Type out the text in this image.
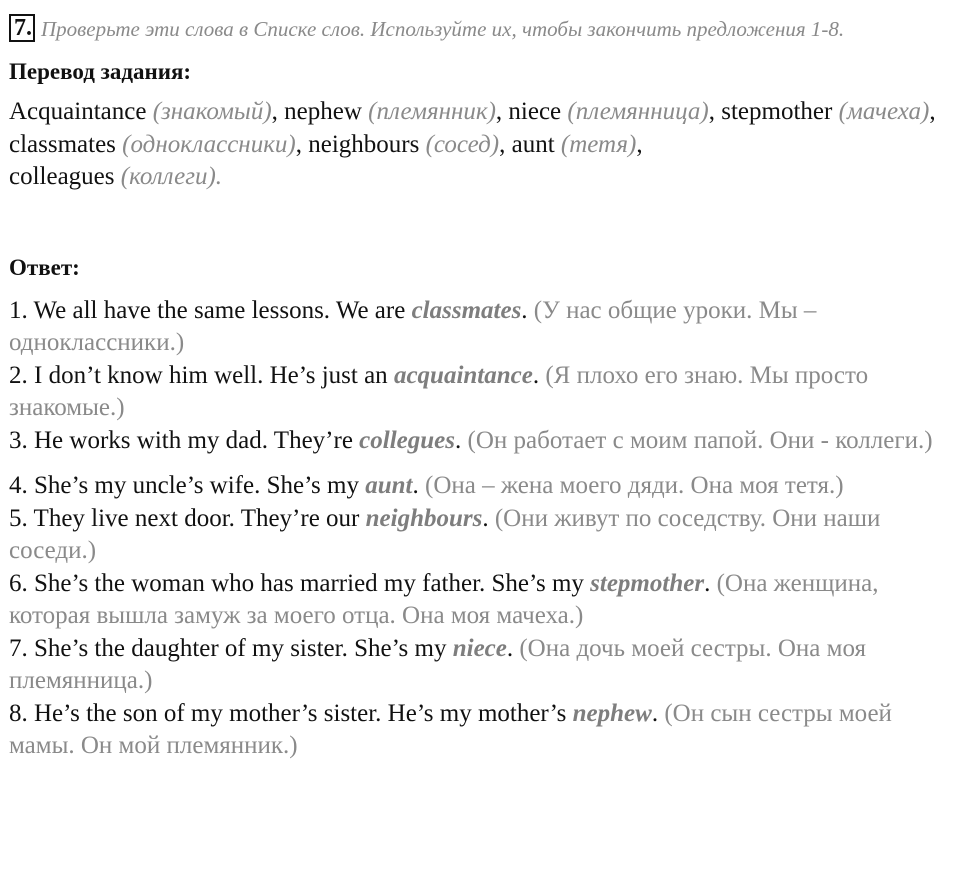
7. Проверьте эти слова в Списке слов. Используйте их, чтобы закончить предложения 1-8.
Перевод задания:
Acquaintance (знакомый), nephew (племянник), niece (племянница), stepmother (мачеха), classmates (одноклассники), neighbours (сосед), aunt (тетя),
colleagues (коллеги).
Ответ:

1. We all have the same lessons. We are classmates. (У нас общие уроки. Мы – одноклассники.)

2. I don’t know him well. He’s just an acquaintance. (Я плохо его знаю. Мы просто знакомые.)

3. He works with my dad. They’re collegues. (Он работает с моим папой. Они - коллеги.)

4. She’s my uncle’s wife. She’s my aunt. (Она – жена моего дяди. Она моя тетя.)

5. They live next door. They’re our neighbours. (Они живут по соседству. Они наши соседи.)

6. She’s the woman who has married my father. She’s my stepmother. (Она женщина, которая вышла замуж за моего отца. Она моя мачеха.)

7. She’s the daughter of my sister. She’s my niece. (Она дочь моей сестры. Она моя племянница.)

8. He’s the son of my mother’s sister. He’s my mother’s nephew. (Он сын сестры моей мамы. Он мой племянник.)
